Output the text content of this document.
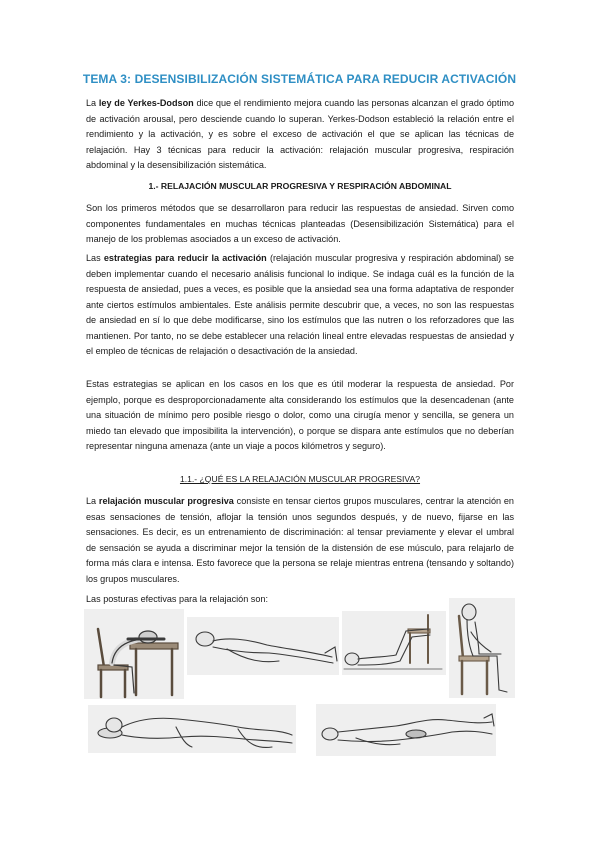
TEMA 3: DESENSIBILIZACIÓN SISTEMÁTICA PARA REDUCIR ACTIVACIÓN

La ley de Yerkes-Dodson dice que el rendimiento mejora cuando las personas alcanzan el grado óptimo de activación arousal, pero desciende cuando lo superan. Yerkes-Dodson estableció la relación entre el rendimiento y la activación, y es sobre el exceso de activación el que se aplican las técnicas de relajación. Hay 3 técnicas para reducir la activación: relajación muscular progresiva, respiración abdominal y la desensibilización sistemática.

1.- RELAJACIÓN MUSCULAR PROGRESIVA Y RESPIRACIÓN ABDOMINAL

Son los primeros métodos que se desarrollaron para reducir las respuestas de ansiedad. Sirven como componentes fundamentales en muchas técnicas planteadas (Desensibilización Sistemática) para el manejo de los problemas asociados a un exceso de activación.

Las estrategias para reducir la activación (relajación muscular progresiva y respiración abdominal) se deben implementar cuando el necesario análisis funcional lo indique. Se indaga cuál es la función de la respuesta de ansiedad, pues a veces, es posible que la ansiedad sea una forma adaptativa de responder ante ciertos estímulos ambientales. Este análisis permite descubrir que, a veces, no son las respuestas de ansiedad en sí lo que debe modificarse, sino los estímulos que las nutren o los reforzadores que las mantienen. Por tanto, no se debe establecer una relación lineal entre elevadas respuestas de ansiedad y el empleo de técnicas de relajación o desactivación de la ansiedad.

Estas estrategias se aplican en los casos en los que es útil moderar la respuesta de ansiedad. Por ejemplo, porque es desproporcionadamente alta considerando los estímulos que la desencadenan (ante una situación de mínimo pero posible riesgo o dolor, como una cirugía menor y sencilla, se genera un miedo tan elevado que imposibilita la intervención), o porque se dispara ante estímulos que no deberían representar ninguna amenaza (ante un viaje a pocos kilómetros y seguro).

1.1.- ¿QUÉ ES LA RELAJACIÓN MUSCULAR PROGRESIVA?

La relajación muscular progresiva consiste en tensar ciertos grupos musculares, centrar la atención en esas sensaciones de tensión, aflojar la tensión unos segundos después, y de nuevo, fijarse en las sensaciones. Es decir, es un entrenamiento de discriminación: al tensar previamente y elevar el umbral de sensación se ayuda a discriminar mejor la tensión de la distensión de ese músculo, para relajarlo de forma más clara e intensa. Esto favorece que la persona se relaje mientras entrena (tensando y soltando) los grupos musculares.

Las posturas efectivas para la relajación son:
